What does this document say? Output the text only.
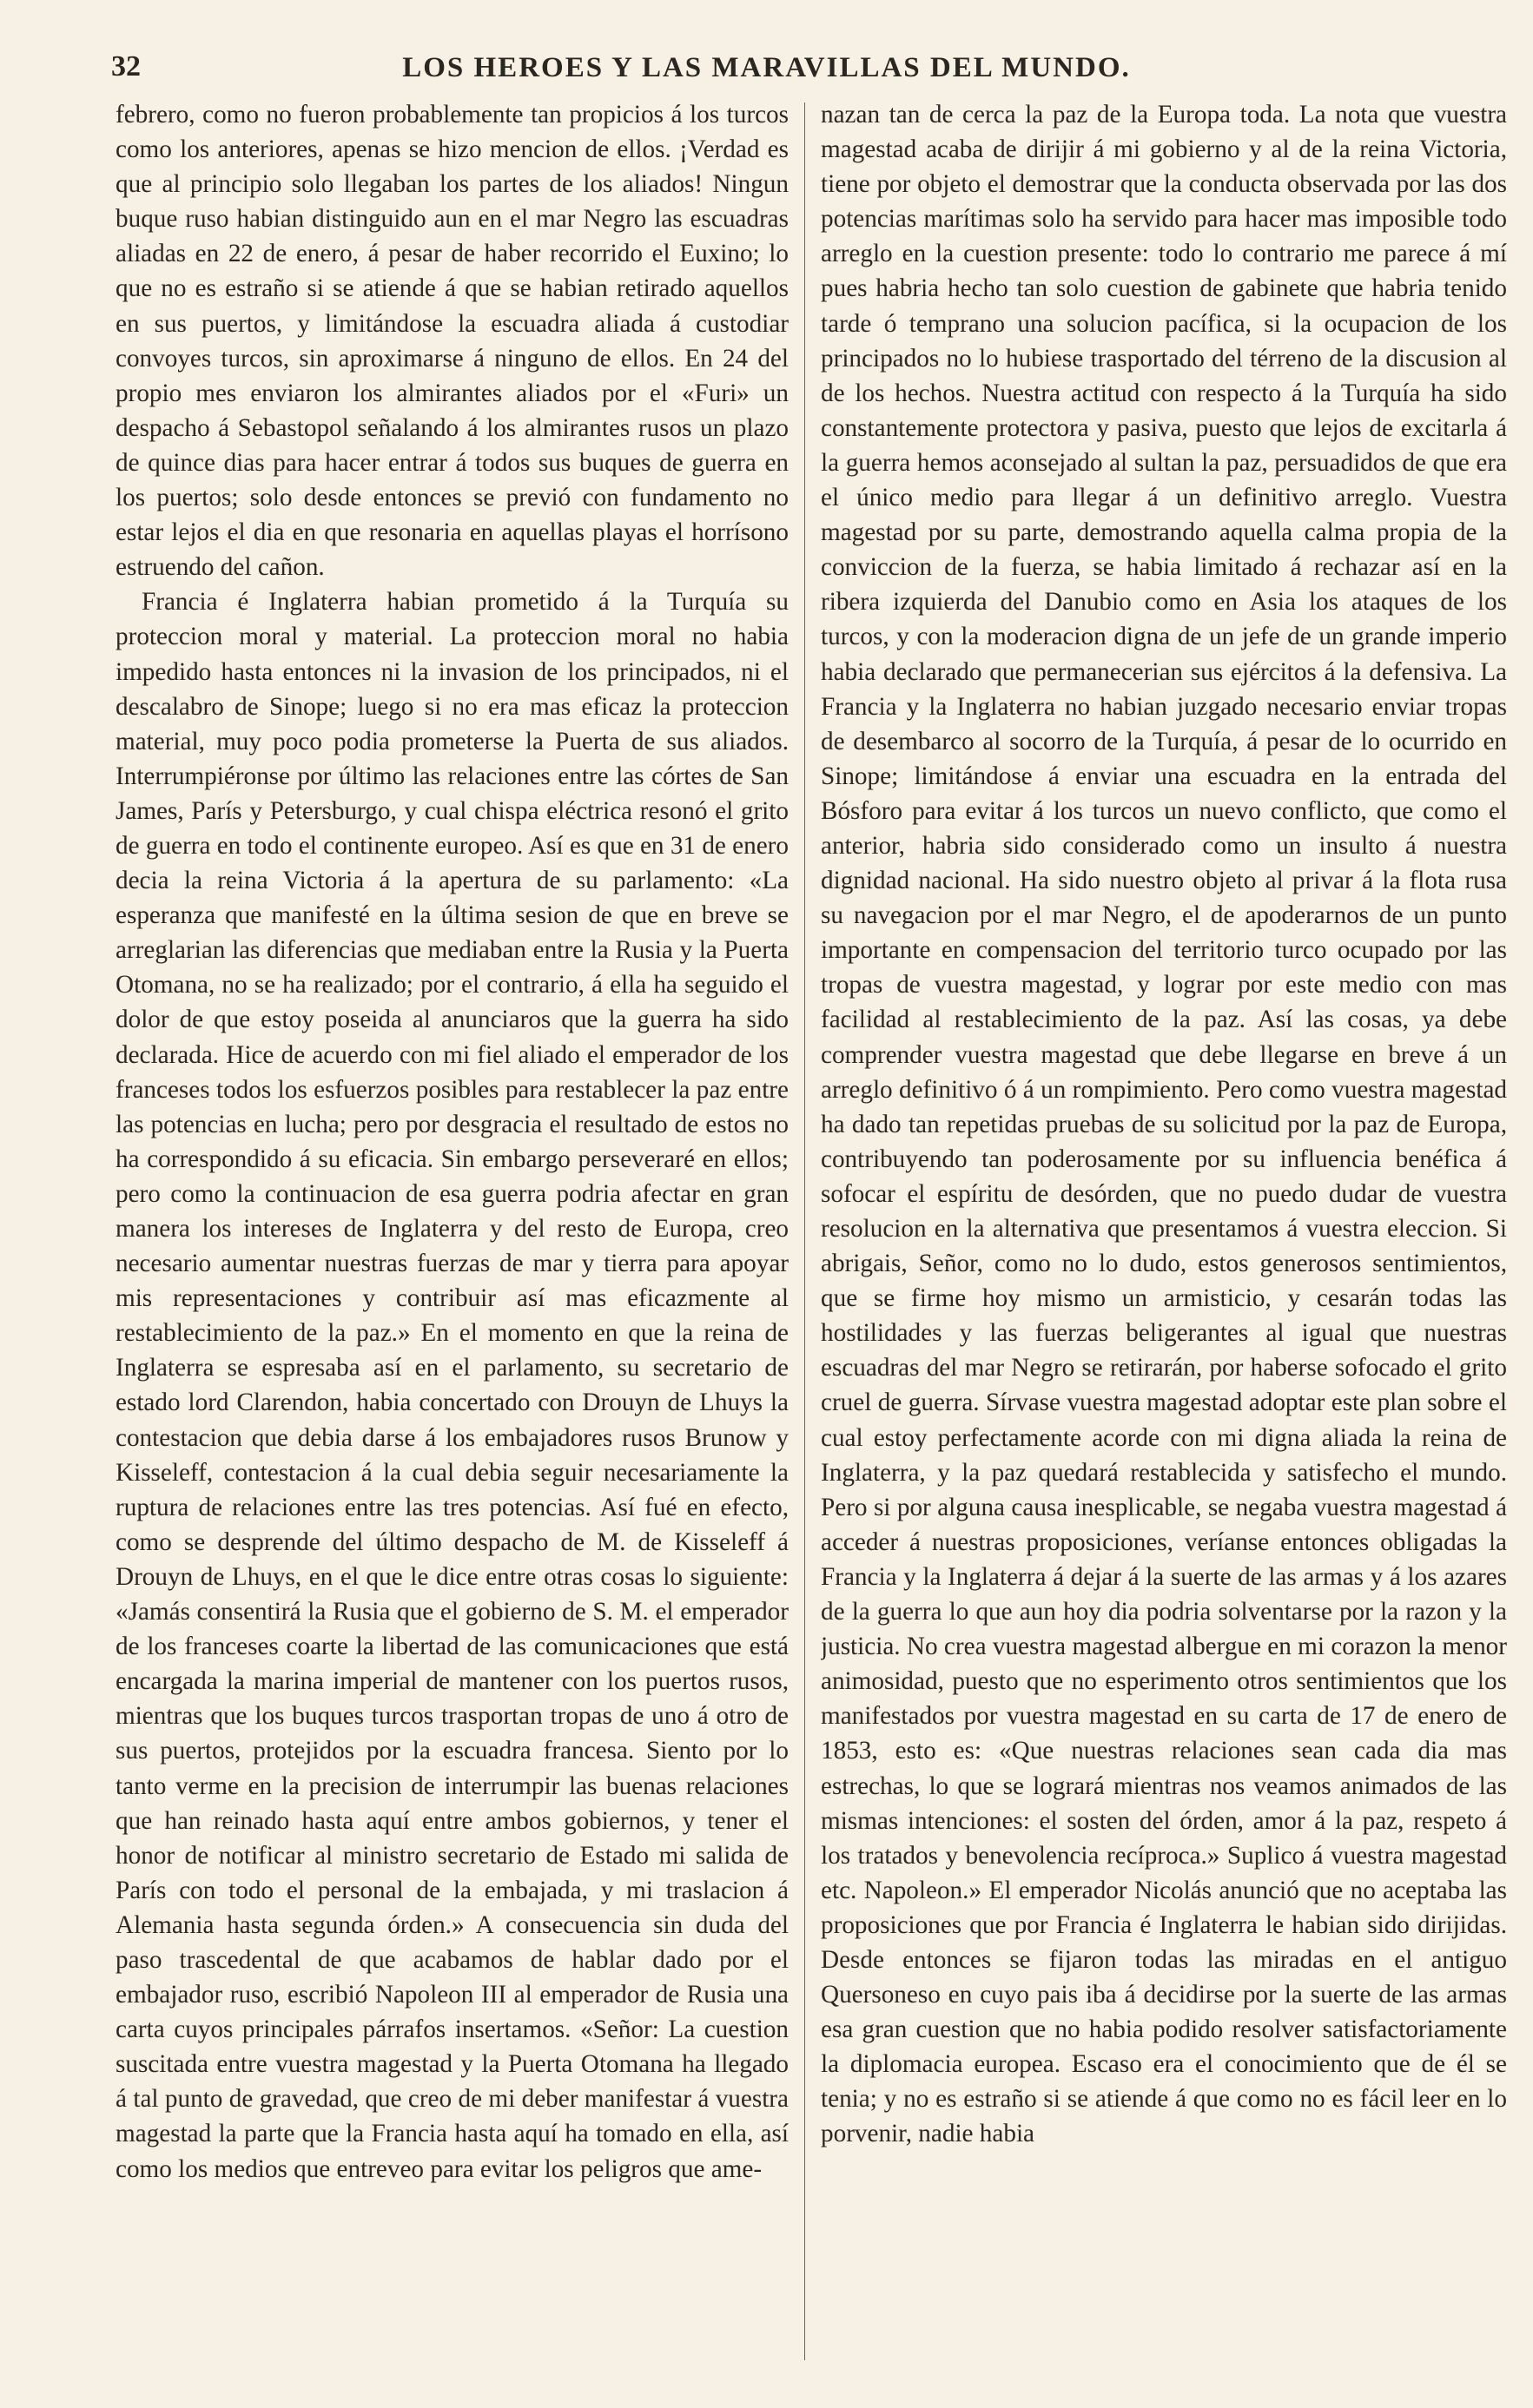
32	LOS HEROES Y LAS MARAVILLAS DEL MUNDO.

febrero, como no fueron probablemente tan propicios á los turcos como los anteriores, apenas se hizo mencion de ellos. ¡Verdad es que al principio solo llegaban los partes de los aliados! Ningun buque ruso habian distinguido aun en el mar Negro las escuadras aliadas en 22 de enero, á pesar de haber recorrido el Euxino; lo que no es estraño si se atiende á que se habian retirado aquellos en sus puertos, y limitándose la escuadra aliada á custodiar convoyes turcos, sin aproximarse á ninguno de ellos. En 24 del propio mes enviaron los almirantes aliados por el «Furi» un despacho á Sebastopol señalando á los almirantes rusos un plazo de quince dias para hacer entrar á todos sus buques de guerra en los puertos; solo desde entonces se previó con fundamento no estar lejos el dia en que resonaria en aquellas playas el horrísono estruendo del cañon.

Francia é Inglaterra habian prometido á la Turquía su proteccion moral y material. La proteccion moral no habia impedido hasta entonces ni la invasion de los principados, ni el descalabro de Sinope; luego si no era mas eficaz la proteccion material, muy poco podia prometerse la Puerta de sus aliados. Interrumpiéronse por último las relaciones entre las córtes de San James, París y Petersburgo, y cual chispa eléctrica resonó el grito de guerra en todo el continente europeo. Así es que en 31 de enero decia la reina Victoria á la apertura de su parlamento: «La esperanza que manifesté en la última sesion de que en breve se arreglarian las diferencias que mediaban entre la Rusia y la Puerta Otomana, no se ha realizado; por el contrario, á ella ha seguido el dolor de que estoy poseida al anunciaros que la guerra ha sido declarada. Hice de acuerdo con mi fiel aliado el emperador de los franceses todos los esfuerzos posibles para restablecer la paz entre las potencias en lucha; pero por desgracia el resultado de estos no ha correspondido á su eficacia. Sin embargo perseveraré en ellos; pero como la continuacion de esa guerra podria afectar en gran manera los intereses de Inglaterra y del resto de Europa, creo necesario aumentar nuestras fuerzas de mar y tierra para apoyar mis representaciones y contribuir así mas eficazmente al restablecimiento de la paz.» En el momento en que la reina de Inglaterra se espresaba así en el parlamento, su secretario de estado lord Clarendon, habia concertado con Drouyn de Lhuys la contestacion que debia darse á los embajadores rusos Brunow y Kisseleff, contestacion á la cual debia seguir necesariamente la ruptura de relaciones entre las tres potencias. Así fué en efecto, como se desprende del último despacho de M. de Kisseleff á Drouyn de Lhuys, en el que le dice entre otras cosas lo siguiente: «Jamás consentirá la Rusia que el gobierno de S. M. el emperador de los franceses coarte la libertad de las comunicaciones que está encargada la marina imperial de mantener con los puertos rusos, mientras que los buques turcos trasportan tropas de uno á otro de sus puertos, protejidos por la escuadra francesa. Siento por lo tanto verme en la precision de interrumpir las buenas relaciones que han reinado hasta aquí entre ambos gobiernos, y tener el honor de notificar al ministro secretario de Estado mi salida de París con todo el personal de la embajada, y mi traslacion á Alemania hasta segunda órden.» A consecuencia sin duda del paso trascedental de que acabamos de hablar dado por el embajador ruso, escribió Napoleon III al emperador de Rusia una carta cuyos principales párrafos insertamos. «Señor: La cuestion suscitada entre vuestra magestad y la Puerta Otomana ha llegado á tal punto de gravedad, que creo de mi deber manifestar á vuestra magestad la parte que la Francia hasta aquí ha tomado en ella, así como los medios que entreveo para evitar los peligros que ame-

nazan tan de cerca la paz de la Europa toda. La nota que vuestra magestad acaba de dirijir á mi gobierno y al de la reina Victoria, tiene por objeto el demostrar que la conducta observada por las dos potencias marítimas solo ha servido para hacer mas imposible todo arreglo en la cuestion presente: todo lo contrario me parece á mí pues habria hecho tan solo cuestion de gabinete que habria tenido tarde ó temprano una solucion pacífica, si la ocupacion de los principados no lo hubiese trasportado del térreno de la discusion al de los hechos. Nuestra actitud con respecto á la Turquía ha sido constantemente protectora y pasiva, puesto que lejos de excitarla á la guerra hemos aconsejado al sultan la paz, persuadidos de que era el único medio para llegar á un definitivo arreglo. Vuestra magestad por su parte, demostrando aquella calma propia de la conviccion de la fuerza, se habia limitado á rechazar así en la ribera izquierda del Danubio como en Asia los ataques de los turcos, y con la moderacion digna de un jefe de un grande imperio habia declarado que permanecerian sus ejércitos á la defensiva. La Francia y la Inglaterra no habian juzgado necesario enviar tropas de desembarco al socorro de la Turquía, á pesar de lo ocurrido en Sinope; limitándose á enviar una escuadra en la entrada del Bósforo para evitar á los turcos un nuevo conflicto, que como el anterior, habria sido considerado como un insulto á nuestra dignidad nacional. Ha sido nuestro objeto al privar á la flota rusa su navegacion por el mar Negro, el de apoderarnos de un punto importante en compensacion del territorio turco ocupado por las tropas de vuestra magestad, y lograr por este medio con mas facilidad al restablecimiento de la paz. Así las cosas, ya debe comprender vuestra magestad que debe llegarse en breve á un arreglo definitivo ó á un rompimiento. Pero como vuestra magestad ha dado tan repetidas pruebas de su solicitud por la paz de Europa, contribuyendo tan poderosamente por su influencia benéfica á sofocar el espíritu de desórden, que no puedo dudar de vuestra resolucion en la alternativa que presentamos á vuestra eleccion. Si abrigais, Señor, como no lo dudo, estos generosos sentimientos, que se firme hoy mismo un armisticio, y cesarán todas las hostilidades y las fuerzas beligerantes al igual que nuestras escuadras del mar Negro se retirarán, por haberse sofocado el grito cruel de guerra. Sírvase vuestra magestad adoptar este plan sobre el cual estoy perfectamente acorde con mi digna aliada la reina de Inglaterra, y la paz quedará restablecida y satisfecho el mundo. Pero si por alguna causa inesplicable, se negaba vuestra magestad á acceder á nuestras proposiciones, veríanse entonces obligadas la Francia y la Inglaterra á dejar á la suerte de las armas y á los azares de la guerra lo que aun hoy dia podria solventarse por la razon y la justicia. No crea vuestra magestad albergue en mi corazon la menor animosidad, puesto que no esperimento otros sentimientos que los manifestados por vuestra magestad en su carta de 17 de enero de 1853, esto es: «Que nuestras relaciones sean cada dia mas estrechas, lo que se logrará mientras nos veamos animados de las mismas intenciones: el sosten del órden, amor á la paz, respeto á los tratados y benevolencia recíproca.» Suplico á vuestra magestad etc. Napoleon.» El emperador Nicolás anunció que no aceptaba las proposiciones que por Francia é Inglaterra le habian sido dirijidas. Desde entonces se fijaron todas las miradas en el antiguo Quersoneso en cuyo pais iba á decidirse por la suerte de las armas esa gran cuestion que no habia podido resolver satisfactoriamente la diplomacia europea. Escaso era el conocimiento que de él se tenia; y no es estraño si se atiende á que como no es fácil leer en lo porvenir, nadie habia
